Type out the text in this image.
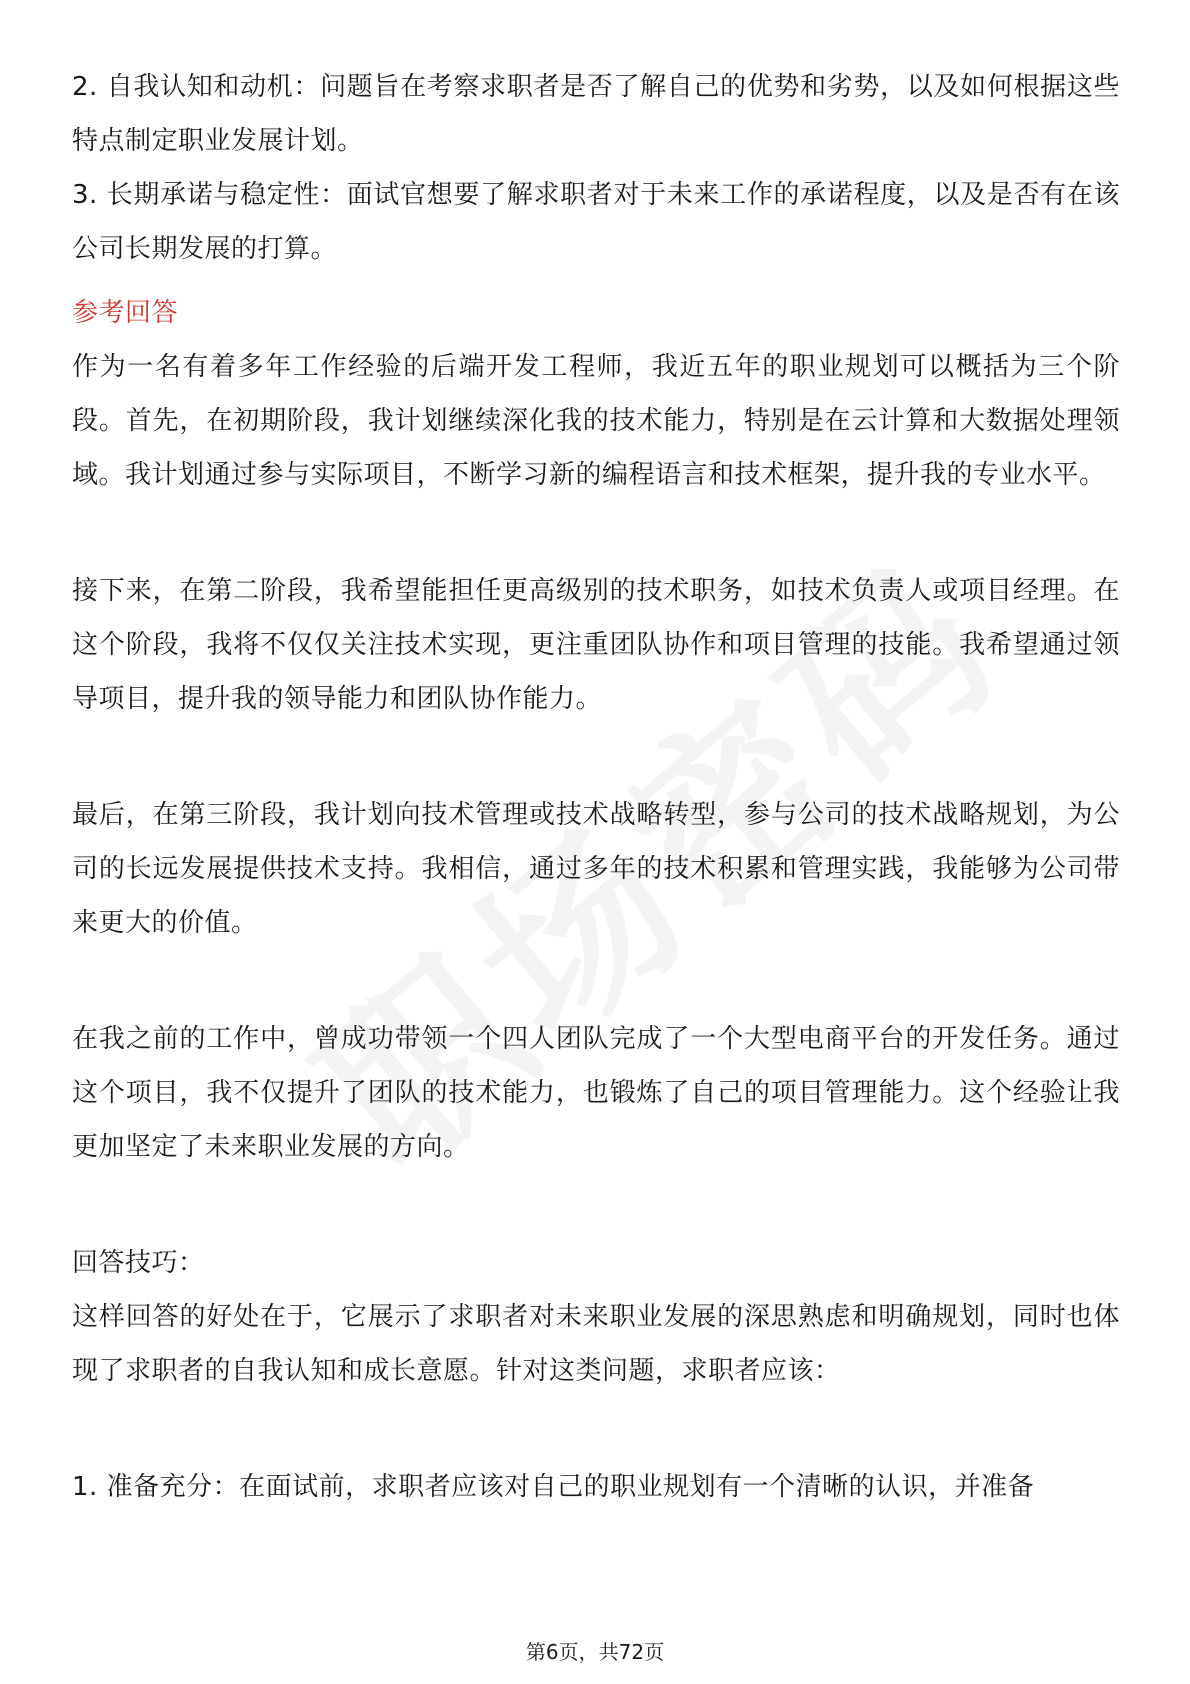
2. 自我认知和动机：问题旨在考察求职者是否了解自己的优势和劣势，以及如何根据这些特点制定职业发展计划。

3. 长期承诺与稳定性：面试官想要了解求职者对于未来工作的承诺程度，以及是否有在该公司长期发展的打算。

参考回答

作为一名有着多年工作经验的后端开发工程师，我近五年的职业规划可以概括为三个阶段。首先，在初期阶段，我计划继续深化我的技术能力，特别是在云计算和大数据处理领域。我计划通过参与实际项目，不断学习新的编程语言和技术框架，提升我的专业水平。

接下来，在第二阶段，我希望能担任更高级别的技术职务，如技术负责人或项目经理。在这个阶段，我将不仅仅关注技术实现，更注重团队协作和项目管理的技能。我希望通过领导项目，提升我的领导能力和团队协作能力。

最后，在第三阶段，我计划向技术管理或技术战略转型，参与公司的技术战略规划，为公司的长远发展提供技术支持。我相信，通过多年的技术积累和管理实践，我能够为公司带来更大的价值。

在我之前的工作中，曾成功带领一个四人团队完成了一个大型电商平台的开发任务。通过这个项目，我不仅提升了团队的技术能力，也锻炼了自己的项目管理能力。这个经验让我更加坚定了未来职业发展的方向。

回答技巧：

这样回答的好处在于，它展示了求职者对未来职业发展的深思熟虑和明确规划，同时也体现了求职者的自我认知和成长意愿。针对这类问题，求职者应该：

1. 准备充分：在面试前，求职者应该对自己的职业规划有一个清晰的认识，并准备

第6页，共72页
